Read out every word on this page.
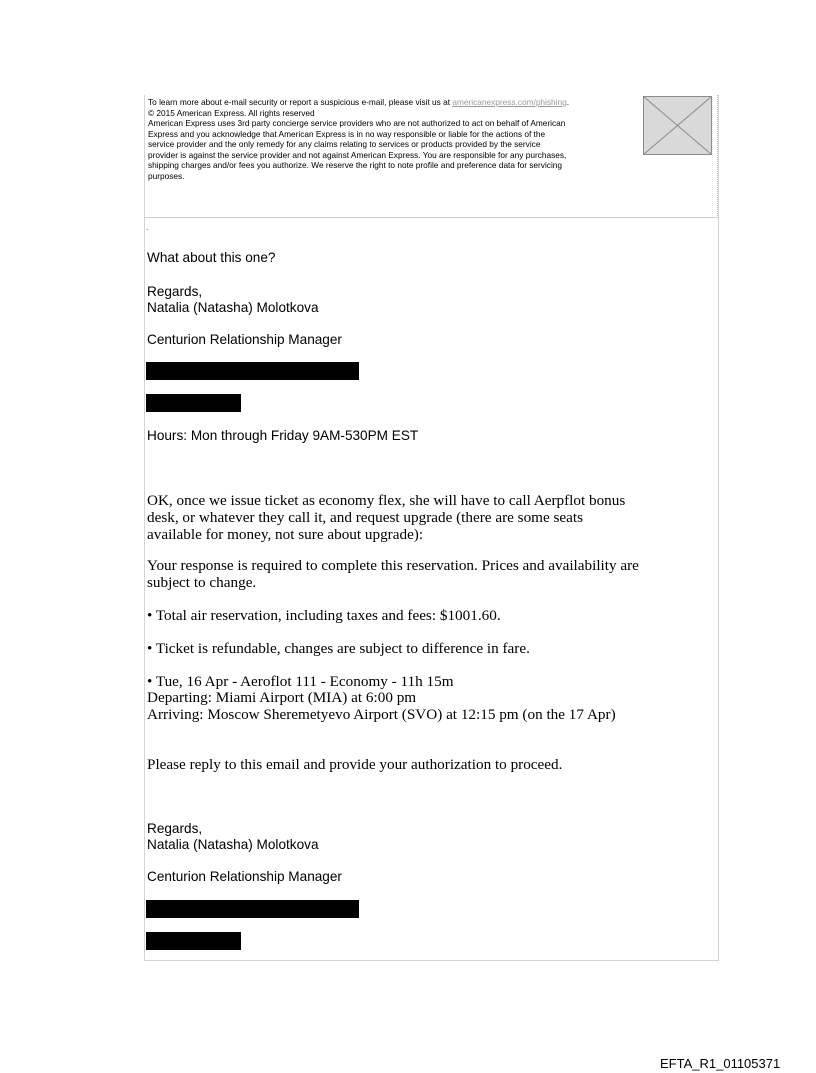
To learn more about e-mail security or report a suspicious e-mail, please visit us at americanexpress.com/phishing.
© 2015 American Express. All rights reserved
American Express uses 3rd party concierge service providers who are not authorized to act on behalf of American
Express and you acknowledge that American Express is in no way responsible or liable for the actions of the
service provider and the only remedy for any claims relating to services or products provided by the service
provider is against the service provider and not against American Express. You are responsible for any purchases,
shipping charges and/or fees you authorize. We reserve the right to note profile and preference data for servicing
purposes.
.
What about this one?
Regards,
Natalia (Natasha) Molotkova
Centurion Relationship Manager
Hours: Mon through Friday 9AM-530PM EST
OK, once we issue ticket as economy flex, she will have to call Aerpflot bonus
desk, or whatever they call it, and request upgrade (there are some seats
available for money, not sure about upgrade):
Your response is required to complete this reservation. Prices and availability are
subject to change.
• Total air reservation, including taxes and fees: $1001.60.
• Ticket is refundable, changes are subject to difference in fare.
• Tue, 16 Apr - Aeroflot 111 - Economy - 11h 15m
Departing: Miami Airport (MIA) at 6:00 pm
Arriving: Moscow Sheremetyevo Airport (SVO) at 12:15 pm (on the 17 Apr)
Please reply to this email and provide your authorization to proceed.
Regards,
Natalia (Natasha) Molotkova
Centurion Relationship Manager
EFTA_R1_01105371
